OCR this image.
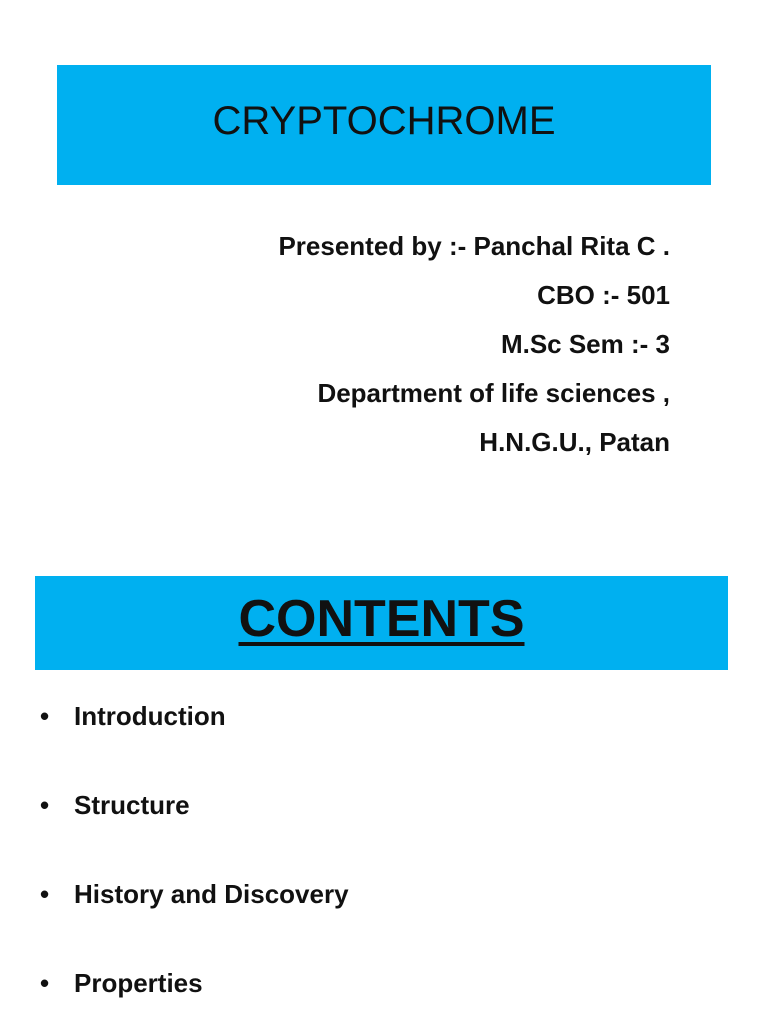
CRYPTOCHROME
Presented by :- Panchal Rita C .
CBO :- 501
M.Sc Sem :- 3
Department of life sciences ,
H.N.G.U., Patan
CONTENTS
• Introduction
• Structure
• History and Discovery
• Properties
